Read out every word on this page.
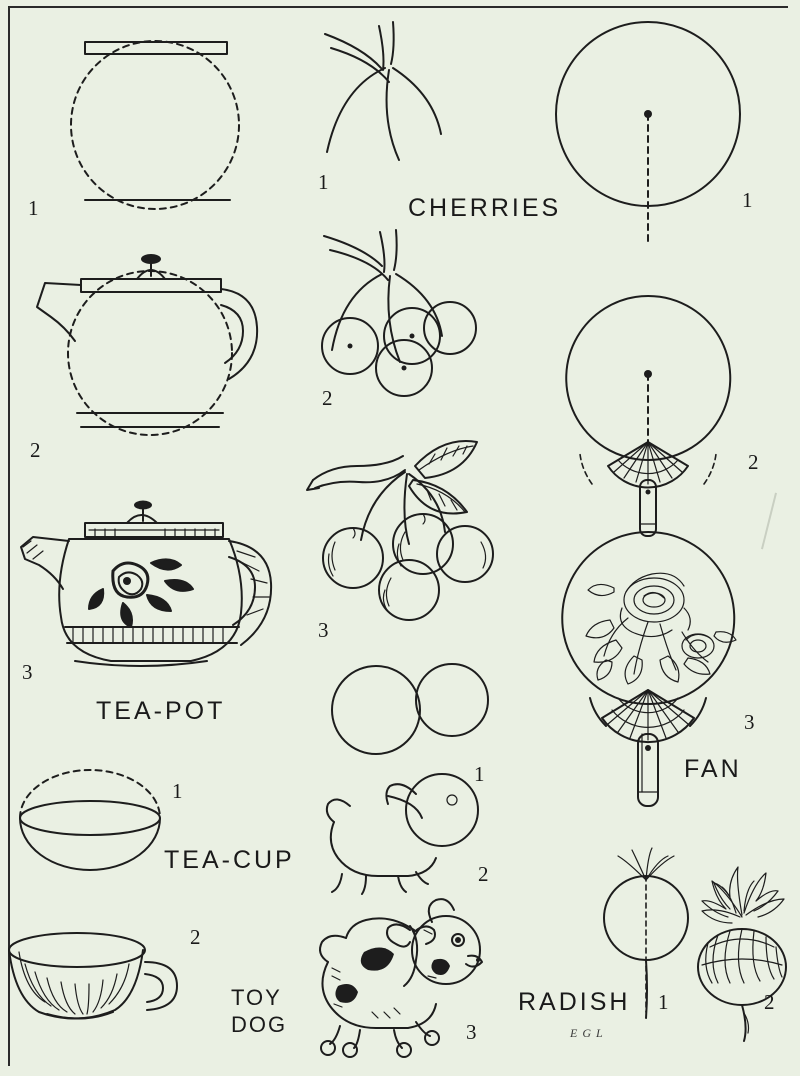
1
2
3
TEA-POT
1
TEA-CUP
2
1
CHERRIES
2
3
1
2
3
TOY
DOG
1
2
3
FAN
1
RADISH	2
E G L
